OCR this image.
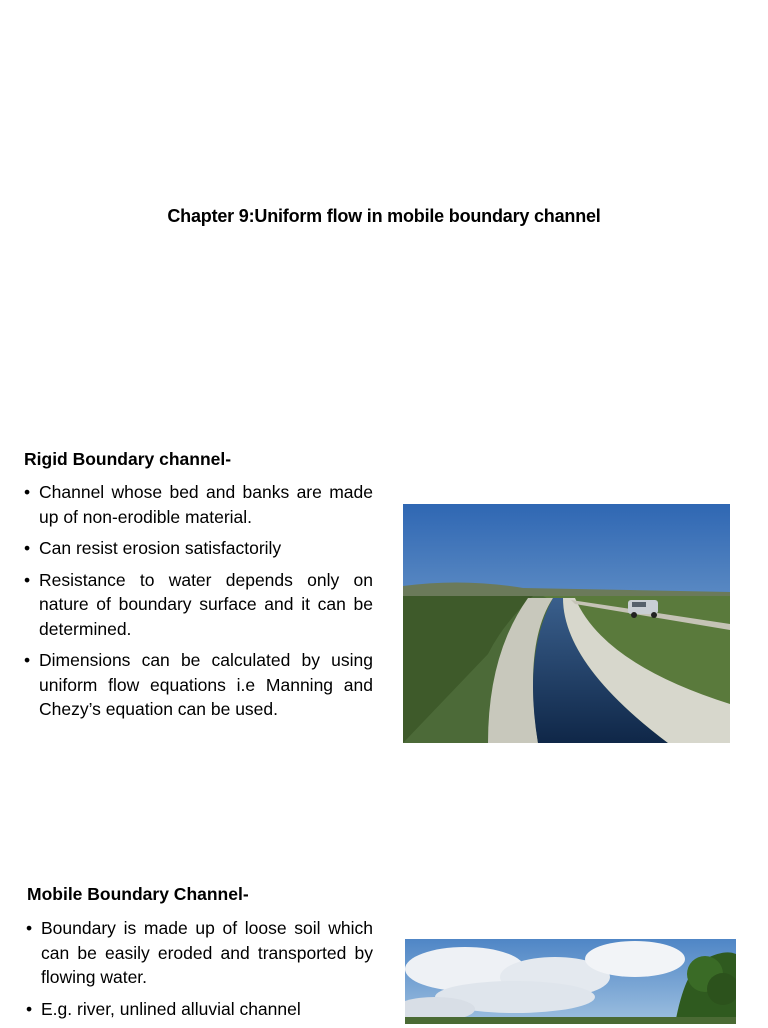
Chapter 9:Uniform flow in mobile boundary channel
Rigid Boundary channel-
• Channel whose bed and banks are made up of non-erodible material.
• Can resist erosion satisfactorily
• Resistance to water depends only on nature of boundary surface and it can be determined.
• Dimensions can be calculated by using uniform flow equations i.e Manning and Chezy’s equation can be used.
Mobile Boundary Channel-
• Boundary is made up of loose soil which can be easily eroded and transported by flowing water.
• E.g. river, unlined alluvial channel
